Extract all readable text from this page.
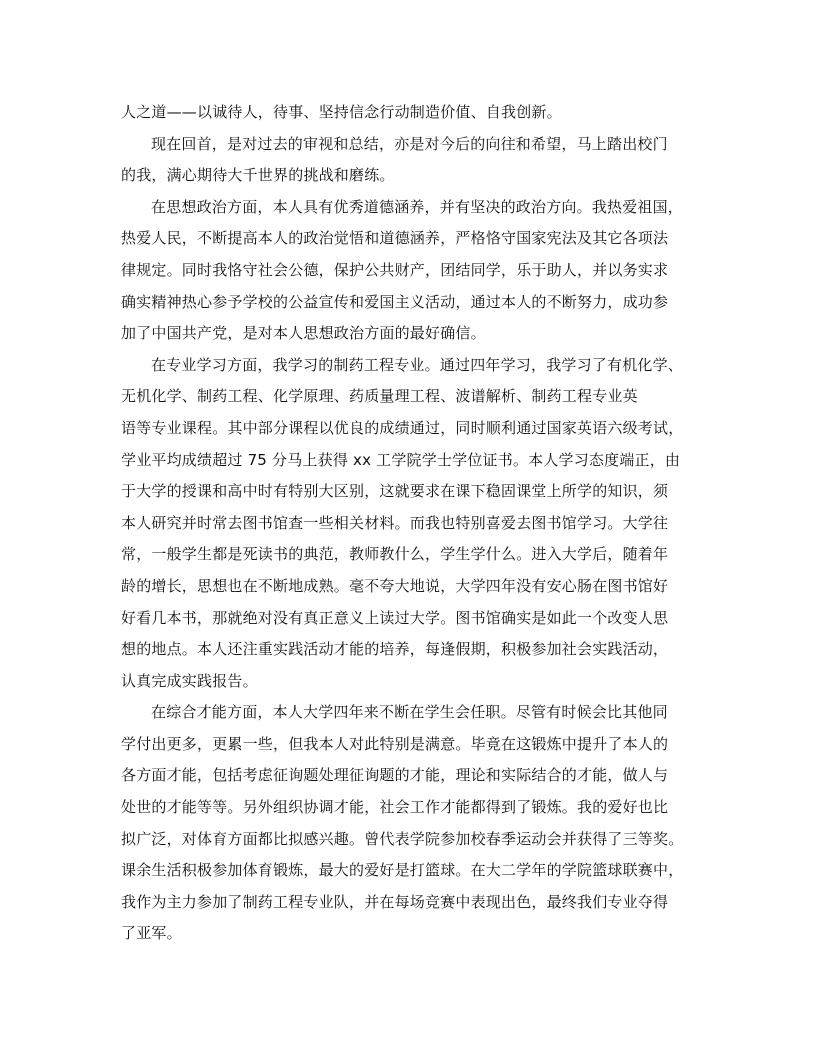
人之道——以诚待人，待事、坚持信念行动制造价值、自我创新。
现在回首，是对过去的审视和总结，亦是对今后的向往和希望，马上踏出校门
的我，满心期待大千世界的挑战和磨练。
在思想政治方面，本人具有优秀道德涵养，并有坚决的政治方向。我热爱祖国，
热爱人民，不断提高本人的政治觉悟和道德涵养，严格恪守国家宪法及其它各项法
律规定。同时我恪守社会公德，保护公共财产，团结同学，乐于助人，并以务实求
确实精神热心参予学校的公益宣传和爱国主义活动，通过本人的不断努力，成功参
加了中国共产党，是对本人思想政治方面的最好确信。
在专业学习方面，我学习的制药工程专业。通过四年学习，我学习了有机化学、
无机化学、制药工程、化学原理、药质量理工程、波谱解析、制药工程专业英
语等专业课程。其中部分课程以优良的成绩通过，同时顺利通过国家英语六级考试，
学业平均成绩超过 75 分马上获得 xx 工学院学士学位证书。本人学习态度端正，由
于大学的授课和高中时有特别大区别，这就要求在课下稳固课堂上所学的知识，须
本人研究并时常去图书馆查一些相关材料。而我也特别喜爱去图书馆学习。大学往
常，一般学生都是死读书的典范，教师教什么，学生学什么。进入大学后，随着年
龄的增长，思想也在不断地成熟。毫不夸大地说，大学四年没有安心肠在图书馆好
好看几本书，那就绝对没有真正意义上读过大学。图书馆确实是如此一个改变人思
想的地点。本人还注重实践活动才能的培养，每逢假期，积极参加社会实践活动，
认真完成实践报告。
在综合才能方面，本人大学四年来不断在学生会任职。尽管有时候会比其他同
学付出更多，更累一些，但我本人对此特别是满意。毕竟在这锻炼中提升了本人的
各方面才能，包括考虑征询题处理征询题的才能，理论和实际结合的才能，做人与
处世的才能等等。另外组织协调才能，社会工作才能都得到了锻炼。我的爱好也比
拟广泛，对体育方面都比拟感兴趣。曾代表学院参加校春季运动会并获得了三等奖。
课余生活积极参加体育锻炼，最大的爱好是打篮球。在大二学年的学院篮球联赛中，
我作为主力参加了制药工程专业队，并在每场竞赛中表现出色，最终我们专业夺得
了亚军。
